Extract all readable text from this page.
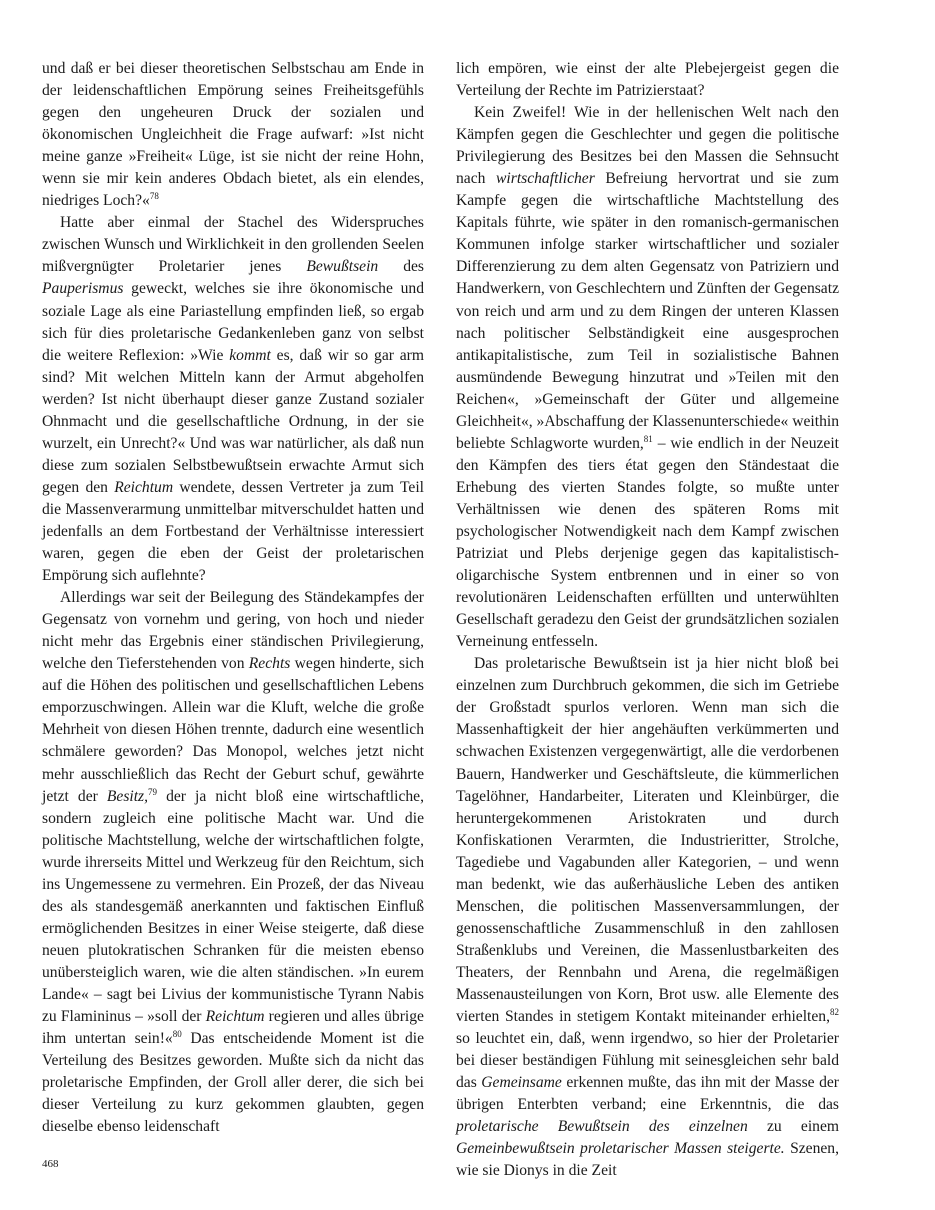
und daß er bei dieser theoretischen Selbstschau am Ende in der leidenschaftlichen Empörung seines Freiheitsgefühls gegen den ungeheuren Druck der sozialen und ökonomischen Ungleichheit die Frage aufwarf: »Ist nicht meine ganze »Freiheit« Lüge, ist sie nicht der reine Hohn, wenn sie mir kein anderes Obdach bietet, als ein elendes, niedriges Loch?«$^{78}$

Hatte aber einmal der Stachel des Widerspruches zwischen Wunsch und Wirklichkeit in den grollenden Seelen mißvergnügter Proletarier jenes Bewußtsein des Pauperismus geweckt, welches sie ihre ökonomische und soziale Lage als eine Pariastellung empfinden ließ, so ergab sich für dies proletarische Gedankenleben ganz von selbst die weitere Reflexion: »Wie kommt es, daß wir so gar arm sind? Mit welchen Mitteln kann der Armut abgeholfen werden? Ist nicht überhaupt dieser ganze Zustand sozialer Ohnmacht und die gesellschaftliche Ordnung, in der sie wurzelt, ein Unrecht?« Und was war natürlicher, als daß nun diese zum sozialen Selbstbewußtsein erwachte Armut sich gegen den Reichtum wendete, dessen Vertreter ja zum Teil die Massenverarmung unmittelbar mitverschuldet hatten und jedenfalls an dem Fortbestand der Verhältnisse interessiert waren, gegen die eben der Geist der proletarischen Empörung sich auflehnte?

Allerdings war seit der Beilegung des Ständekampfes der Gegensatz von vornehm und gering, von hoch und nieder nicht mehr das Ergebnis einer ständischen Privilegierung, welche den Tieferstehenden von Rechts wegen hinderte, sich auf die Höhen des politischen und gesellschaftlichen Lebens emporzuschwingen. Allein war die Kluft, welche die große Mehrheit von diesen Höhen trennte, dadurch eine wesentlich schmälere geworden? Das Monopol, welches jetzt nicht mehr ausschließlich das Recht der Geburt schuf, gewährte jetzt der Besitz,$^{79}$ der ja nicht bloß eine wirtschaftliche, sondern zugleich eine politische Macht war. Und die politische Machtstellung, welche der wirtschaftlichen folgte, wurde ihrerseits Mittel und Werkzeug für den Reichtum, sich ins Ungemessene zu vermehren. Ein Prozeß, der das Niveau des als standesgemäß anerkannten und faktischen Einfluß ermöglichenden Besitzes in einer Weise steigerte, daß diese neuen plutokratischen Schranken für die meisten ebenso unübersteiglich waren, wie die alten ständischen. »In eurem Lande« – sagt bei Livius der kommunistische Tyrann Nabis zu Flamininus – »soll der Reichtum regieren und alles übrige ihm untertan sein!«$^{80}$ Das entscheidende Moment ist die Verteilung des Besitzes geworden. Mußte sich da nicht das proletarische Empfinden, der Groll aller derer, die sich bei dieser Verteilung zu kurz gekommen glaubten, gegen dieselbe ebenso leidenschaft

lich empören, wie einst der alte Plebejergeist gegen die Verteilung der Rechte im Patrizierstaat?

Kein Zweifel! Wie in der hellenischen Welt nach den Kämpfen gegen die Geschlechter und gegen die politische Privilegierung des Besitzes bei den Massen die Sehnsucht nach wirtschaftlicher Befreiung hervortrat und sie zum Kampfe gegen die wirtschaftliche Machtstellung des Kapitals führte, wie später in den romanisch-germanischen Kommunen infolge starker wirtschaftlicher und sozialer Differenzierung zu dem alten Gegensatz von Patriziern und Handwerkern, von Geschlechtern und Zünften der Gegensatz von reich und arm und zu dem Ringen der unteren Klassen nach politischer Selbständigkeit eine ausgesprochen antikapitalistische, zum Teil in sozialistische Bahnen ausmündende Bewegung hinzutrat und »Teilen mit den Reichen«, »Gemeinschaft der Güter und allgemeine Gleichheit«, »Abschaffung der Klassenunterschiede« weithin beliebte Schlagworte wurden,$^{81}$ – wie endlich in der Neuzeit den Kämpfen des tiers état gegen den Ständestaat die Erhebung des vierten Standes folgte, so mußte unter Verhältnissen wie denen des späteren Roms mit psychologischer Notwendigkeit nach dem Kampf zwischen Patriziat und Plebs derjenige gegen das kapitalistisch-oligarchische System entbrennen und in einer so von revolutionären Leidenschaften erfüllten und unterwühlten Gesellschaft geradezu den Geist der grundsätzlichen sozialen Verneinung entfesseln.

Das proletarische Bewußtsein ist ja hier nicht bloß bei einzelnen zum Durchbruch gekommen, die sich im Getriebe der Großstadt spurlos verloren. Wenn man sich die Massenhaftigkeit der hier angehäuften verkümmerten und schwachen Existenzen vergegenwärtigt, alle die verdorbenen Bauern, Handwerker und Geschäftsleute, die kümmerlichen Tagelöhner, Handarbeiter, Literaten und Kleinbürger, die heruntergekommenen Aristokraten und durch Konfiskationen Verarmten, die Industrieritter, Strolche, Tagediebe und Vagabunden aller Kategorien, – und wenn man bedenkt, wie das außerhäusliche Leben des antiken Menschen, die politischen Massenversammlungen, der genossenschaftliche Zusammenschluß in den zahllosen Straßenklubs und Vereinen, die Massenlustbarkeiten des Theaters, der Rennbahn und Arena, die regelmäßigen Massenausteilungen von Korn, Brot usw. alle Elemente des vierten Standes in stetigem Kontakt miteinander erhielten,$^{82}$ so leuchtet ein, daß, wenn irgendwo, so hier der Proletarier bei dieser beständigen Fühlung mit seinesgleichen sehr bald das Gemeinsame erkennen mußte, das ihn mit der Masse der übrigen Enterbten verband; eine Erkenntnis, die das proletarische Bewußtsein des einzelnen zu einem Gemeinbewußtsein proletarischer Massen steigerte. Szenen, wie sie Dionys in die Zeit

468
